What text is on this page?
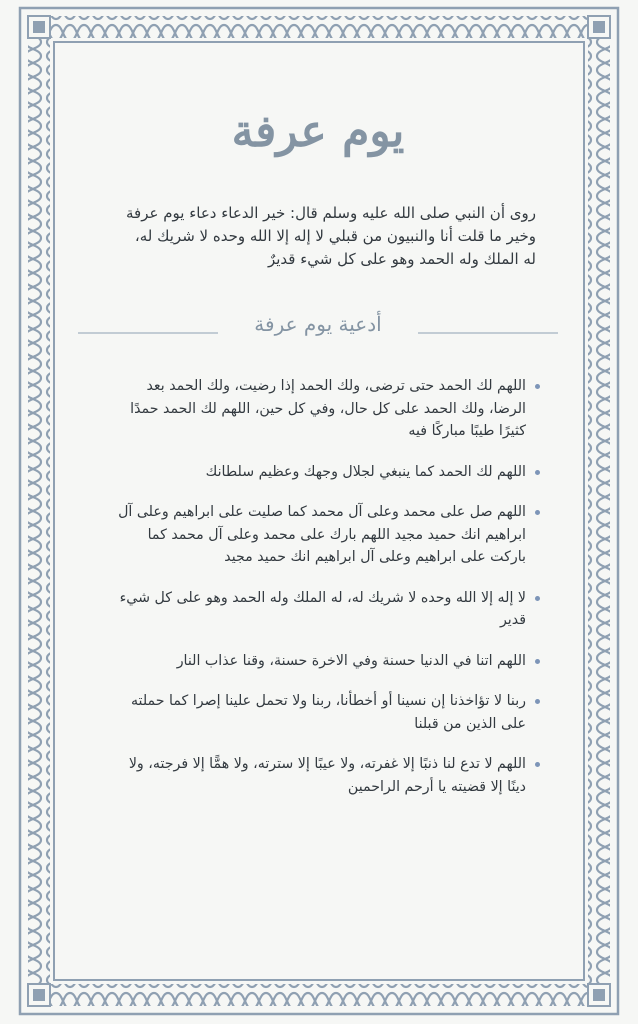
يوم عرفة
روى أن النبي صلى الله عليه وسلم قال: خير الدعاء دعاء يوم عرفة وخير ما قلت أنا والنبيون من قبلي لا إله إلا الله وحده لا شريك له، له الملك وله الحمد وهو على كل شيء قديرٌ
أدعية يوم عرفة
اللهم لك الحمد حتى ترضى، ولك الحمد إذا رضيت، ولك الحمد بعد الرضا، ولك الحمد على كل حال، وفي كل حين، اللهم لك الحمد حمدًا كثيرًا طيبًا مباركًا فيه
اللهم لك الحمد كما ينبغي لجلال وجهك وعظيم سلطانك
اللهم صل على محمد وعلى آل محمد كما صليت على ابراهيم وعلى آل ابراهيم انك حميد مجيد اللهم بارك على محمد وعلى آل محمد كما باركت على ابراهيم وعلى آل ابراهيم انك حميد مجيد
لا إله إلا الله وحده لا شريك له، له الملك وله الحمد وهو على كل شيء قدير
اللهم اتنا في الدنيا حسنة وفي الاخرة حسنة، وقنا عذاب النار
ربنا لا تؤاخذنا إن نسينا أو أخطأنا، ربنا ولا تحمل علينا إصرا كما حملته على الذين من قبلنا
اللهم لا تدع لنا ذنبًا إلا غفرته، ولا عيبًا إلا سترته، ولا همًّا إلا فرجته، ولا دينًا إلا قضيته يا أرحم الراحمين
